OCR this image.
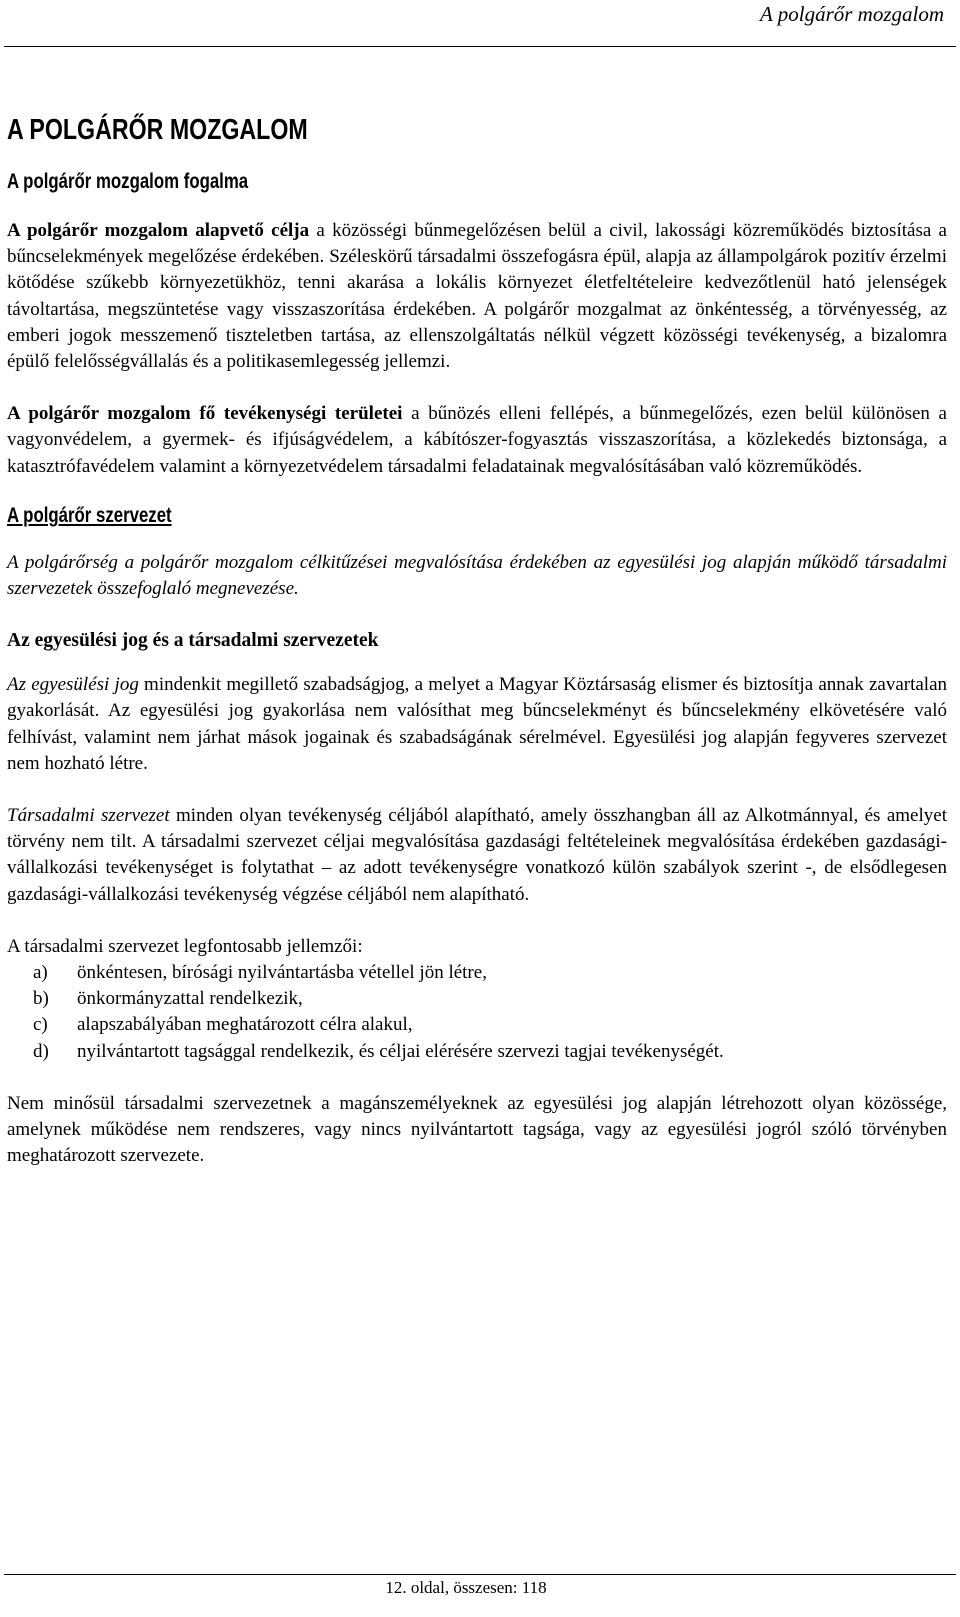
A polgárőr mozgalom
A POLGÁRŐR MOZGALOM
A polgárőr mozgalom fogalma

A polgárőr mozgalom alapvető célja a közösségi bűnmegelőzésen belül a civil, lakossági közreműködés biztosítása a bűncselekmények megelőzése érdekében. Széleskörű társadalmi összefogásra épül, alapja az állampolgárok pozitív érzelmi kötődése szűkebb környezetükhöz, tenni akarása a lokális környezet életfeltételeire kedvezőtlenül ható jelenségek távoltartása, megszüntetése vagy visszaszorítása érdekében. A polgárőr mozgalmat az önkéntesség, a törvényesség, az emberi jogok messzemenő tiszteletben tartása, az ellenszolgáltatás nélkül végzett közösségi tevékenység, a bizalomra épülő felelősségvállalás és a politikasemlegesség jellemzi.

A polgárőr mozgalom fő tevékenységi területei a bűnözés elleni fellépés, a bűnmegelőzés, ezen belül különösen a vagyonvédelem, a gyermek- és ifjúságvédelem, a kábítószer-fogyasztás visszaszorítása, a közlekedés biztonsága, a katasztrófavédelem valamint a környezetvédelem társadalmi feladatainak megvalósításában való közreműködés.

A polgárőr szervezet

A polgárőrség a polgárőr mozgalom célkitűzései megvalósítása érdekében az egyesülési jog alapján működő társadalmi szervezetek összefoglaló megnevezése.

Az egyesülési jog és a társadalmi szervezetek

Az egyesülési jog mindenkit megillető szabadságjog, a melyet a Magyar Köztársaság elismer és biztosítja annak zavartalan gyakorlását. Az egyesülési jog gyakorlása nem valósíthat meg bűncselekményt és bűncselekmény elkövetésére való felhívást, valamint nem járhat mások jogainak és szabadságának sérelmével. Egyesülési jog alapján fegyveres szervezet nem hozható létre.

Társadalmi szervezet minden olyan tevékenység céljából alapítható, amely összhangban áll az Alkotmánnyal, és amelyet törvény nem tilt. A társadalmi szervezet céljai megvalósítása gazdasági feltételeinek megvalósítása érdekében gazdasági-vállalkozási tevékenységet is folytathat – az adott tevékenységre vonatkozó külön szabályok szerint -, de elsődlegesen gazdasági-vállalkozási tevékenység végzése céljából nem alapítható.

A társadalmi szervezet legfontosabb jellemzői:
a) önkéntesen, bírósági nyilvántartásba vétellel jön létre,
b) önkormányzattal rendelkezik,
c) alapszabályában meghatározott célra alakul,
d) nyilvántartott tagsággal rendelkezik, és céljai elérésére szervezi tagjai tevékenységét.

Nem minősül társadalmi szervezetnek a magánszemélyeknek az egyesülési jog alapján létrehozott olyan közössége, amelynek működése nem rendszeres, vagy nincs nyilvántartott tagsága, vagy az egyesülési jogról szóló törvényben meghatározott szervezete.

12. oldal, összesen: 118
